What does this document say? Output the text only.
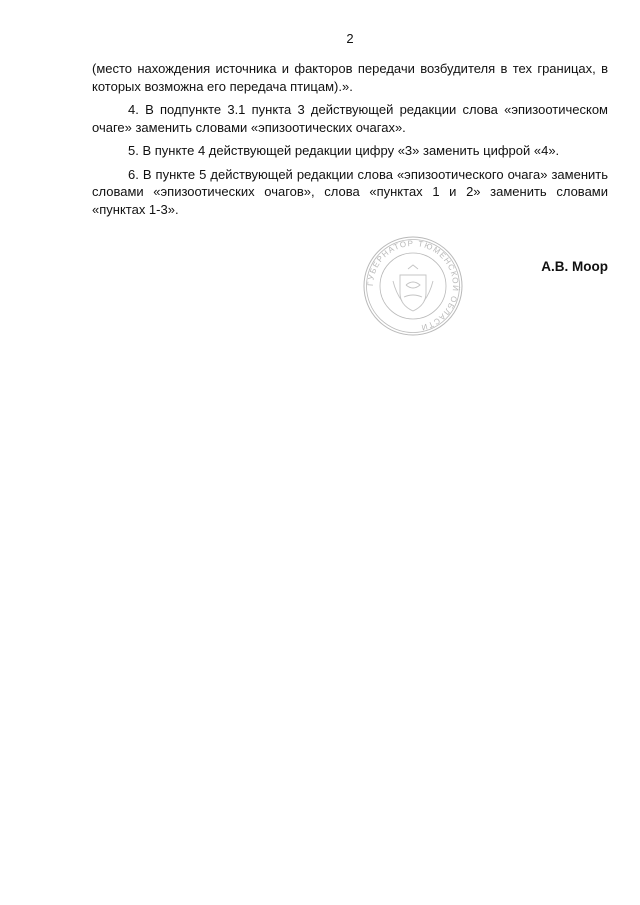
2

(место нахождения источника и факторов передачи возбудителя в тех границах, в которых возможна его передача птицам).».

4. В подпункте 3.1 пункта 3 действующей редакции слова «эпизоотическом очаге» заменить словами «эпизоотических очагах».

5. В пункте 4 действующей редакции цифру «3» заменить цифрой «4».

6. В пункте 5 действующей редакции слова «эпизоотического очага» заменить словами «эпизоотических очагов», слова «пунктах 1 и 2» заменить словами «пунктах 1-3».

ГУБЕРНАТОР ТЮМЕНСКОЙ ОБЛАСТИ
А.В. Моор
